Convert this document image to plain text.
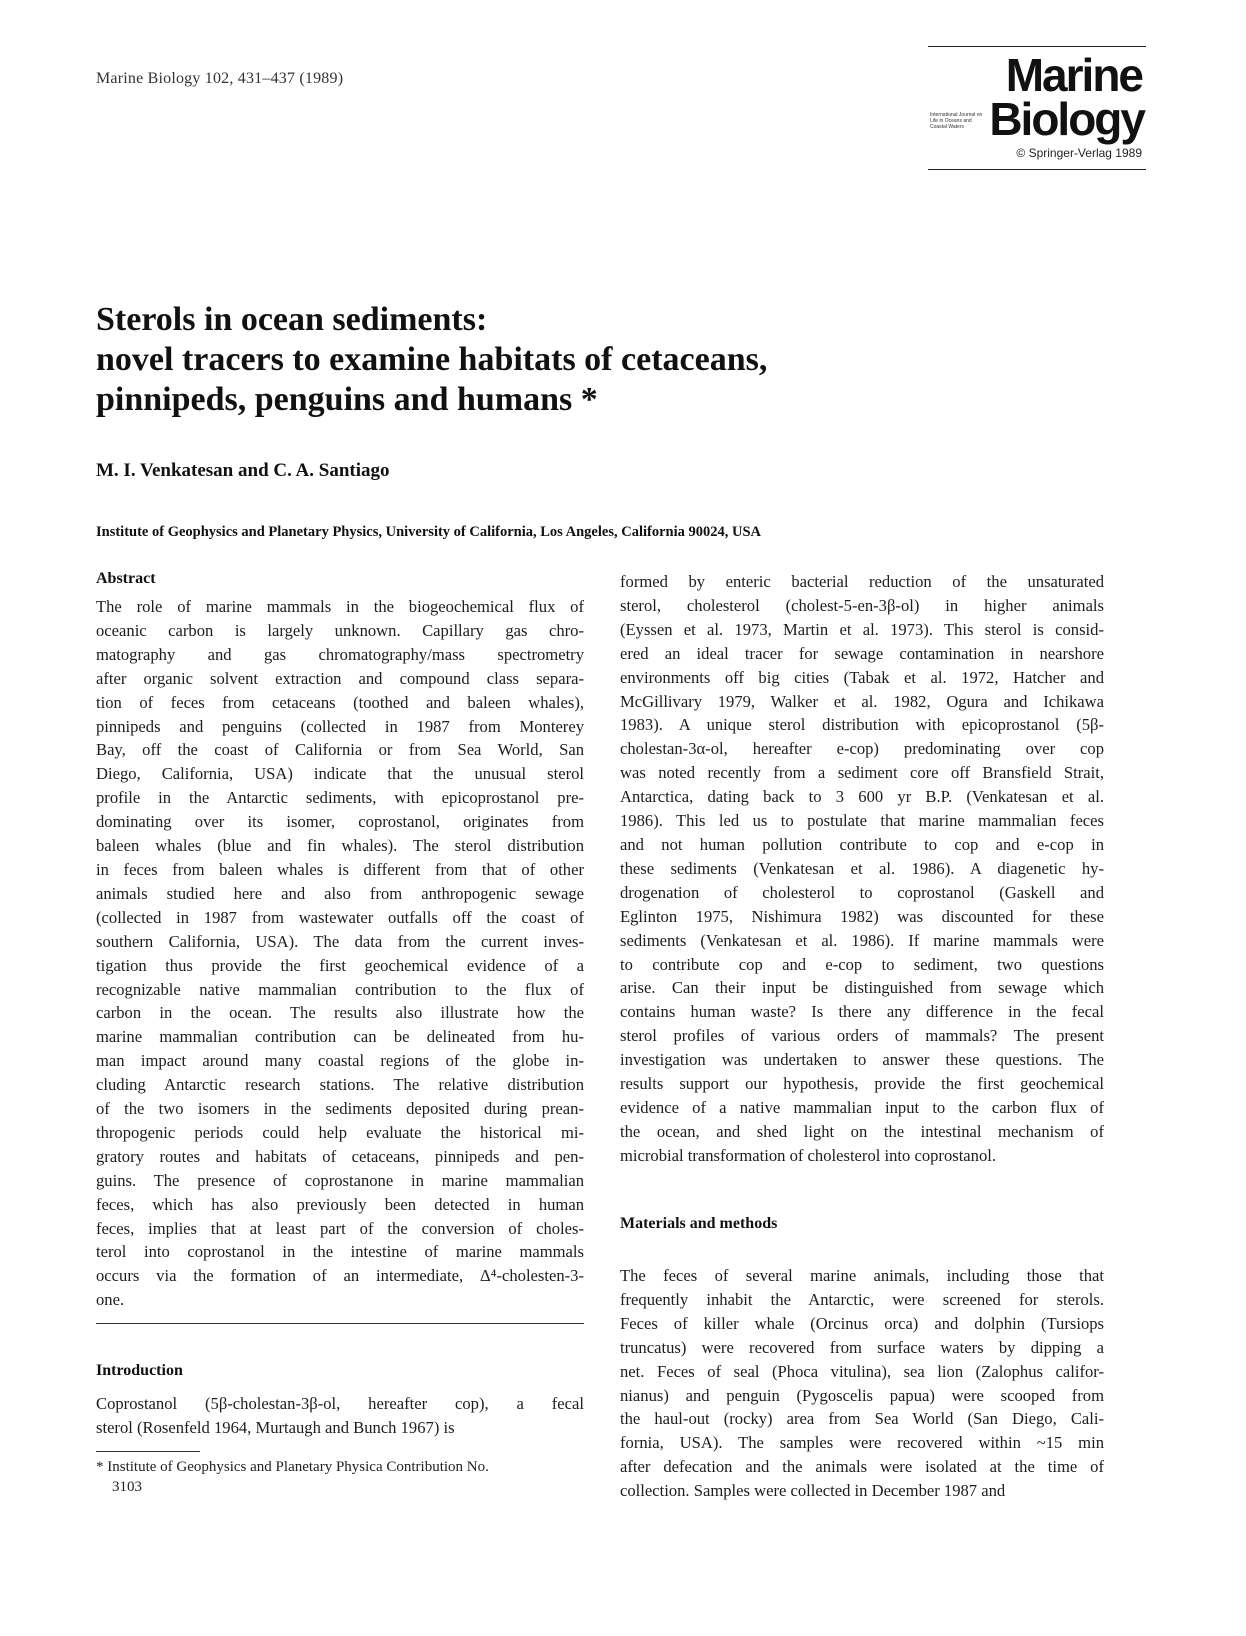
Marine Biology 102, 431–437 (1989)	Marine
International Journal on Life in Oceans and Coastal Waters Biology
© Springer-Verlag 1989
Sterols in ocean sediments:
novel tracers to examine habitats of cetaceans,
pinnipeds, penguins and humans *
M. I. Venkatesan and C. A. Santiago
Institute of Geophysics and Planetary Physics, University of California, Los Angeles, California 90024, USA
Abstract
The role of marine mammals in the biogeochemical flux of
oceanic carbon is largely unknown. Capillary gas chro-
matography and gas chromatography/mass spectrometry
after organic solvent extraction and compound class separa-
tion of feces from cetaceans (toothed and baleen whales),
pinnipeds and penguins (collected in 1987 from Monterey
Bay, off the coast of California or from Sea World, San
Diego, California, USA) indicate that the unusual sterol
profile in the Antarctic sediments, with epicoprostanol pre-
dominating over its isomer, coprostanol, originates from
baleen whales (blue and fin whales). The sterol distribution
in feces from baleen whales is different from that of other
animals studied here and also from anthropogenic sewage
(collected in 1987 from wastewater outfalls off the coast of
southern California, USA). The data from the current inves-
tigation thus provide the first geochemical evidence of a
recognizable native mammalian contribution to the flux of
carbon in the ocean. The results also illustrate how the
marine mammalian contribution can be delineated from hu-
man impact around many coastal regions of the globe in-
cluding Antarctic research stations. The relative distribution
of the two isomers in the sediments deposited during prean-
thropogenic periods could help evaluate the historical mi-
gratory routes and habitats of cetaceans, pinnipeds and pen-
guins. The presence of coprostanone in marine mammalian
feces, which has also previously been detected in human
feces, implies that at least part of the conversion of choles-
terol into coprostanol in the intestine of marine mammals
occurs via the formation of an intermediate, Δ⁴-cholesten-3-
one.
Introduction
Coprostanol (5β-cholestan-3β-ol, hereafter cop), a fecal
sterol (Rosenfeld 1964, Murtaugh and Bunch 1967) is
* Institute of Geophysics and Planetary Physica Contribution No.
3103
formed by enteric bacterial reduction of the unsaturated
sterol, cholesterol (cholest-5-en-3β-ol) in higher animals
(Eyssen et al. 1973, Martin et al. 1973). This sterol is consid-
ered an ideal tracer for sewage contamination in nearshore
environments off big cities (Tabak et al. 1972, Hatcher and
McGillivary 1979, Walker et al. 1982, Ogura and Ichikawa
1983). A unique sterol distribution with epicoprostanol (5β-
cholestan-3α-ol, hereafter e-cop) predominating over cop
was noted recently from a sediment core off Bransfield Strait,
Antarctica, dating back to 3 600 yr B.P. (Venkatesan et al.
1986). This led us to postulate that marine mammalian feces
and not human pollution contribute to cop and e-cop in
these sediments (Venkatesan et al. 1986). A diagenetic hy-
drogenation of cholesterol to coprostanol (Gaskell and
Eglinton 1975, Nishimura 1982) was discounted for these
sediments (Venkatesan et al. 1986). If marine mammals were
to contribute cop and e-cop to sediment, two questions
arise. Can their input be distinguished from sewage which
contains human waste? Is there any difference in the fecal
sterol profiles of various orders of mammals? The present
investigation was undertaken to answer these questions. The
results support our hypothesis, provide the first geochemical
evidence of a native mammalian input to the carbon flux of
the ocean, and shed light on the intestinal mechanism of
microbial transformation of cholesterol into coprostanol.
Materials and methods
The feces of several marine animals, including those that
frequently inhabit the Antarctic, were screened for sterols.
Feces of killer whale (Orcinus orca) and dolphin (Tursiops
truncatus) were recovered from surface waters by dipping a
net. Feces of seal (Phoca vitulina), sea lion (Zalophus califor-
nianus) and penguin (Pygoscelis papua) were scooped from
the haul-out (rocky) area from Sea World (San Diego, Cali-
fornia, USA). The samples were recovered within ~15 min
after defecation and the animals were isolated at the time of
collection. Samples were collected in December 1987 and
